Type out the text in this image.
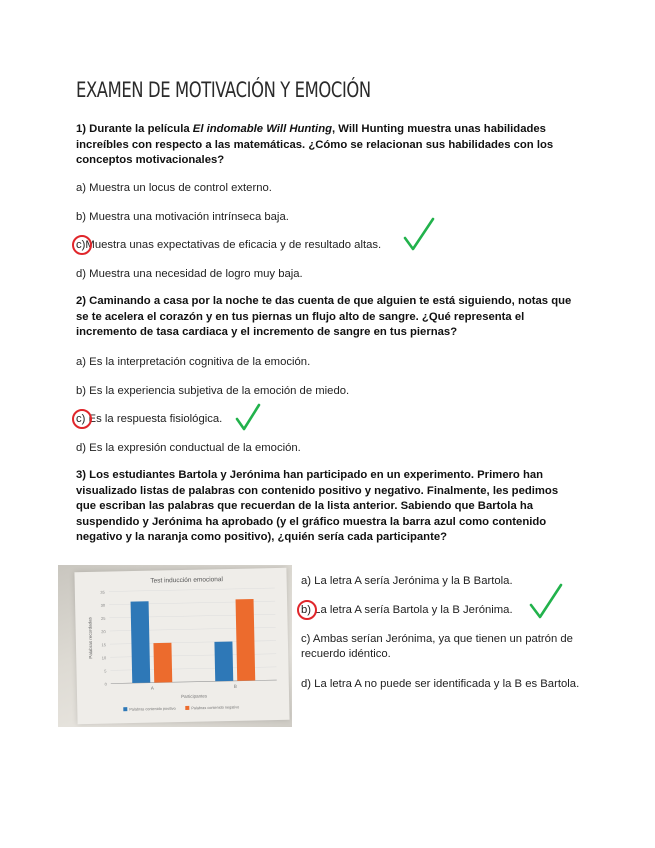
EXAMEN DE MOTIVACIÓN Y EMOCIÓN

1) Durante la película El indomable Will Hunting, Will Hunting muestra unas habilidades increíbles con respecto a las matemáticas. ¿Cómo se relacionan sus habilidades con los conceptos motivacionales?

a) Muestra un locus de control externo.

b) Muestra una motivación intrínseca baja.

c)
Muestra unas expectativas de eficacia y de resultado altas.

d) Muestra una necesidad de logro muy baja.

2) Caminando a casa por la noche te das cuenta de que alguien te está siguiendo, notas que se te acelera el corazón y en tus piernas un flujo alto de sangre. ¿Qué representa el incremento de tasa cardiaca y el incremento de sangre en tus piernas?

a) Es la interpretación cognitiva de la emoción.

b) Es la experiencia subjetiva de la emoción de miedo.

c)
Es la respuesta fisiológica.

d) Es la expresión conductual de la emoción.

3) Los estudiantes Bartola y Jerónima han participado en un experimento. Primero han visualizado listas de palabras con contenido positivo y negativo. Finalmente, les pedimos que escriban las palabras que recuerdan de la lista anterior. Sabiendo que Bartola ha suspendido y Jerónima ha aprobado (y el gráfico muestra la barra azul como contenido negativo y la naranja como positivo), ¿quién sería cada participante?

Test inducción emocional
0
5
10
15
20
25
30
35
Palabras recordadas
A	B
Participantes
Palabras contenido positivo	Palabras contenido negativo

a) La letra A sería Jerónima y la B Bartola.

b)
La letra A sería Bartola y la B Jerónima.

c) Ambas serían Jerónima, ya que tienen un patrón de recuerdo idéntico.

d) La letra A no puede ser identificada y la B es Bartola.
